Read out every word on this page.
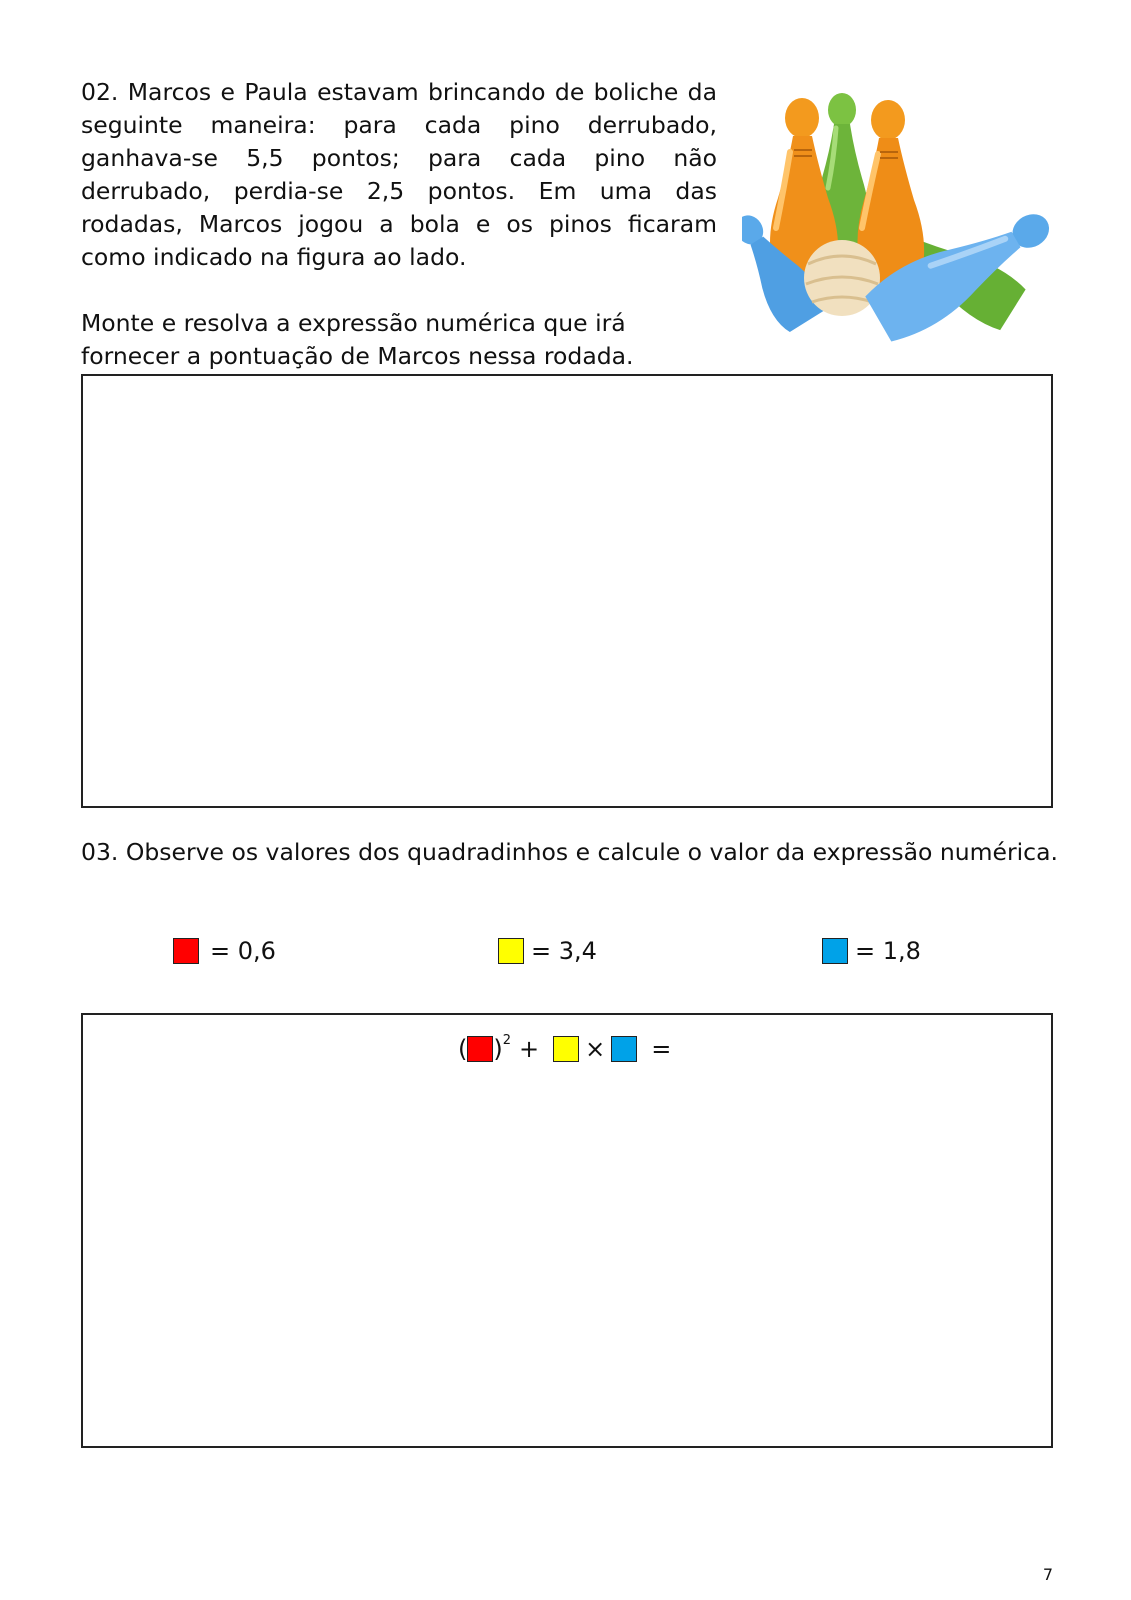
02. Marcos e Paula estavam brincando de boliche da seguinte maneira: para cada pino derrubado, ganhava-se 5,5 pontos; para cada pino não derrubado, perdia-se 2,5 pontos. Em uma das rodadas, Marcos jogou a bola e os pinos ficaram como indicado na figura ao lado.

Monte e resolva a expressão numérica que irá fornecer a pontuação de Marcos nessa rodada.

03. Observe os valores dos quadradinhos e calcule o valor da expressão numérica.

= 0,6	= 3,4	= 1,8
( )$^2$ + × =
7
